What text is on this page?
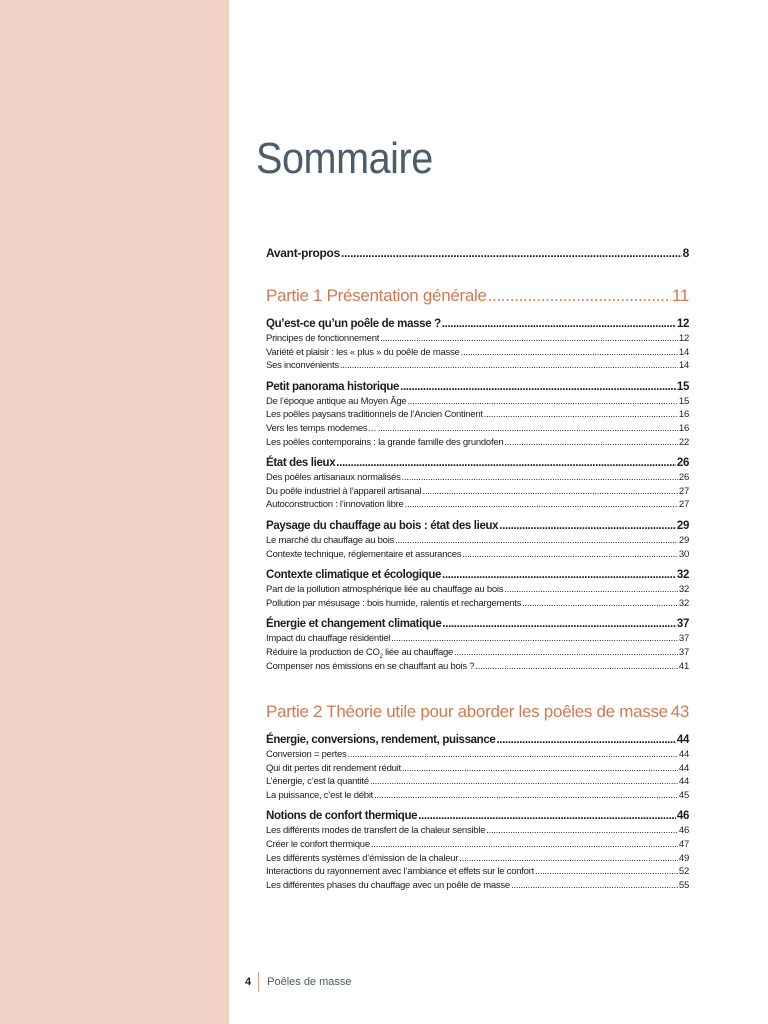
Sommaire
Avant-propos .....	8
Partie 1 Présentation générale .....	11
Qu’est-ce qu’un poêle de masse ? .....	12
Principes de fonctionnement .....	12
Variété et plaisir : les « plus » du poêle de masse .....	14
Ses inconvénients .....	14
Petit panorama historique .....	15
De l’époque antique au Moyen Âge .....	15
Les poêles paysans traditionnels de l’Ancien Continent .....	16
Vers les temps modernes… .....	16
Les poêles contemporains : la grande famille des grundofen .....	22
État des lieux .....	26
Des poêles artisanaux normalisés .....	26
Du poêle industriel à l’appareil artisanal .....	27
Autoconstruction : l’innovation libre .....	27
Paysage du chauffage au bois : état des lieux .....	29
Le marché du chauffage au bois .....	29
Contexte technique, réglementaire et assurances .....	30
Contexte climatique et écologique .....	32
Part de la pollution atmosphérique liée au chauffage au bois .....	32
Pollution par mésusage : bois humide, ralentis et rechargements .....	32
Énergie et changement climatique .....	37
Impact du chauffage résidentiel .....	37
Réduire la production de $CO_2$ liée au chauffage .....	37
Compenser nos émissions en se chauffant au bois ? .....	41
Partie 2 Théorie utile pour aborder les poêles de masse ..... 43
Énergie, conversions, rendement, puissance .....	44
Conversion = pertes .....	44
Qui dit pertes dit rendement réduit .....	44
L’énergie, c’est la quantité .....	44
La puissance, c’est le débit .....	45
Notions de confort thermique .....	46
Les différents modes de transfert de la chaleur sensible .....	46
Créer le confort thermique .....	47
Les différents systèmes d’émission de la chaleur .....	49
Interactions du rayonnement avec l’ambiance et effets sur le confort .....	52
Les différentes phases du chauffage avec un poêle de masse .....	55
4 Poêles de masse
